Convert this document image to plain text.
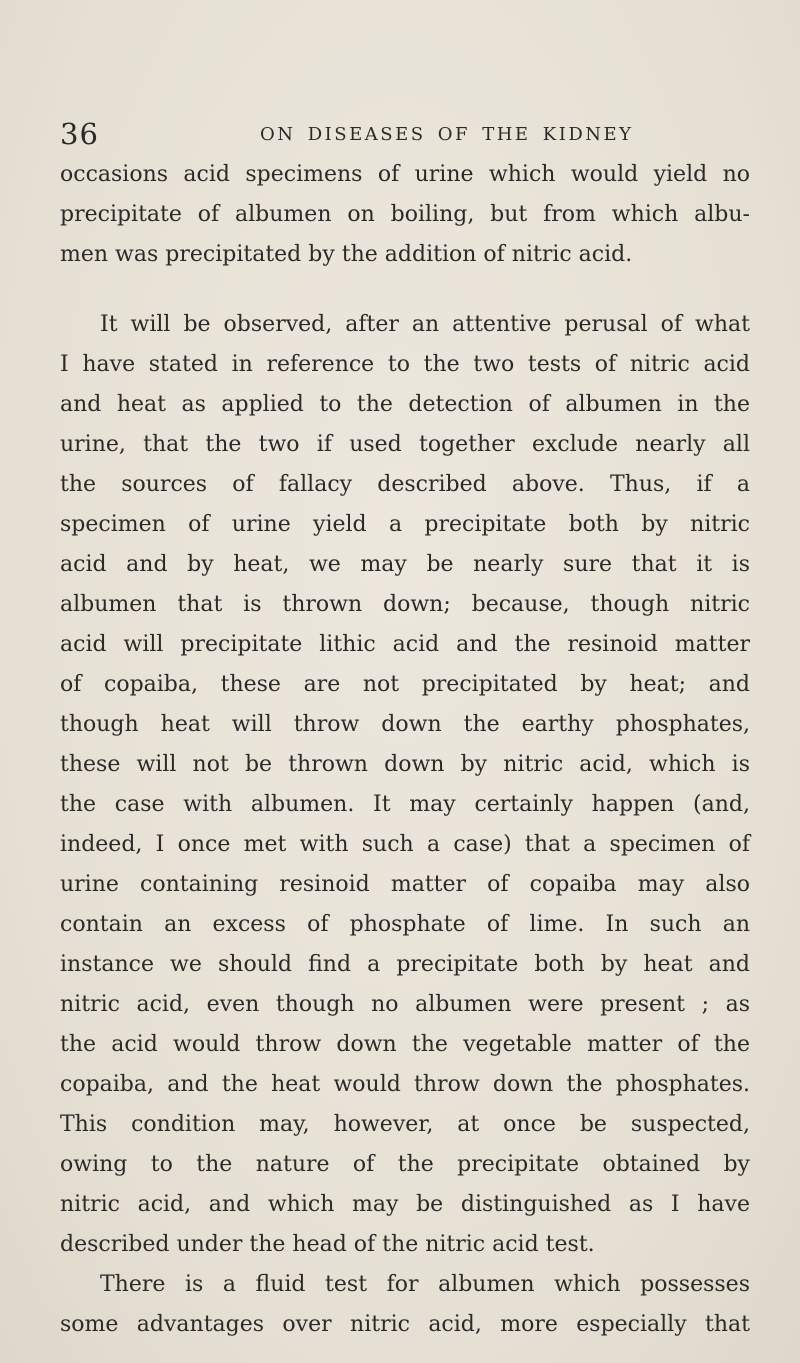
36	ON DISEASES OF THE KIDNEY
occasions acid specimens of urine which would yield no
precipitate of albumen on boiling, but from which albu-
men was precipitated by the addition of nitric acid.
It will be observed, after an attentive perusal of what
I have stated in reference to the two tests of nitric acid
and heat as applied to the detection of albumen in the
urine, that the two if used together exclude nearly all
the sources of fallacy described above. Thus, if a
specimen of urine yield a precipitate both by nitric
acid and by heat, we may be nearly sure that it is
albumen that is thrown down; because, though nitric
acid will precipitate lithic acid and the resinoid matter
of copaiba, these are not precipitated by heat; and
though heat will throw down the earthy phosphates,
these will not be thrown down by nitric acid, which is
the case with albumen. It may certainly happen (and,
indeed, I once met with such a case) that a specimen of
urine containing resinoid matter of copaiba may also
contain an excess of phosphate of lime. In such an
instance we should find a precipitate both by heat and
nitric acid, even though no albumen were present ; as
the acid would throw down the vegetable matter of the
copaiba, and the heat would throw down the phosphates.
This condition may, however, at once be suspected,
owing to the nature of the precipitate obtained by
nitric acid, and which may be distinguished as I have
described under the head of the nitric acid test.
There is a fluid test for albumen which possesses
some advantages over nitric acid, more especially that
